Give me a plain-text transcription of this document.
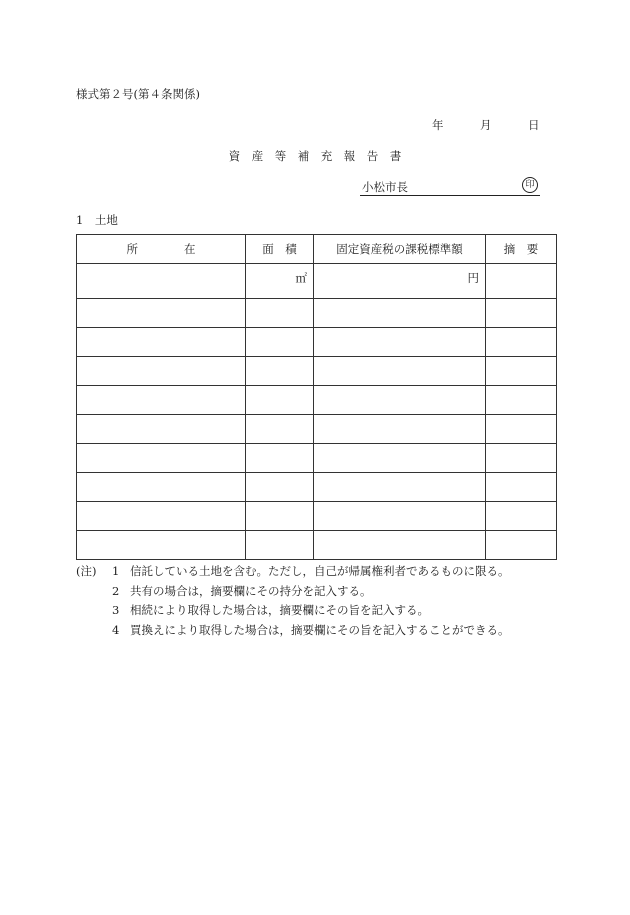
様式第２号(第４条関係)
年	月	日
資　産　等　補　充　報　告　書
小松市長	印
1　土地
所　　　　在	面　積	固定資産税の課税標準額	摘　要
	㎡	円	

(注)	1 信託している土地を含む。ただし，自己が帰属権利者であるものに限る。
2 共有の場合は，摘要欄にその持分を記入する。
3 相続により取得した場合は，摘要欄にその旨を記入する。
4 買換えにより取得した場合は，摘要欄にその旨を記入することができる。
